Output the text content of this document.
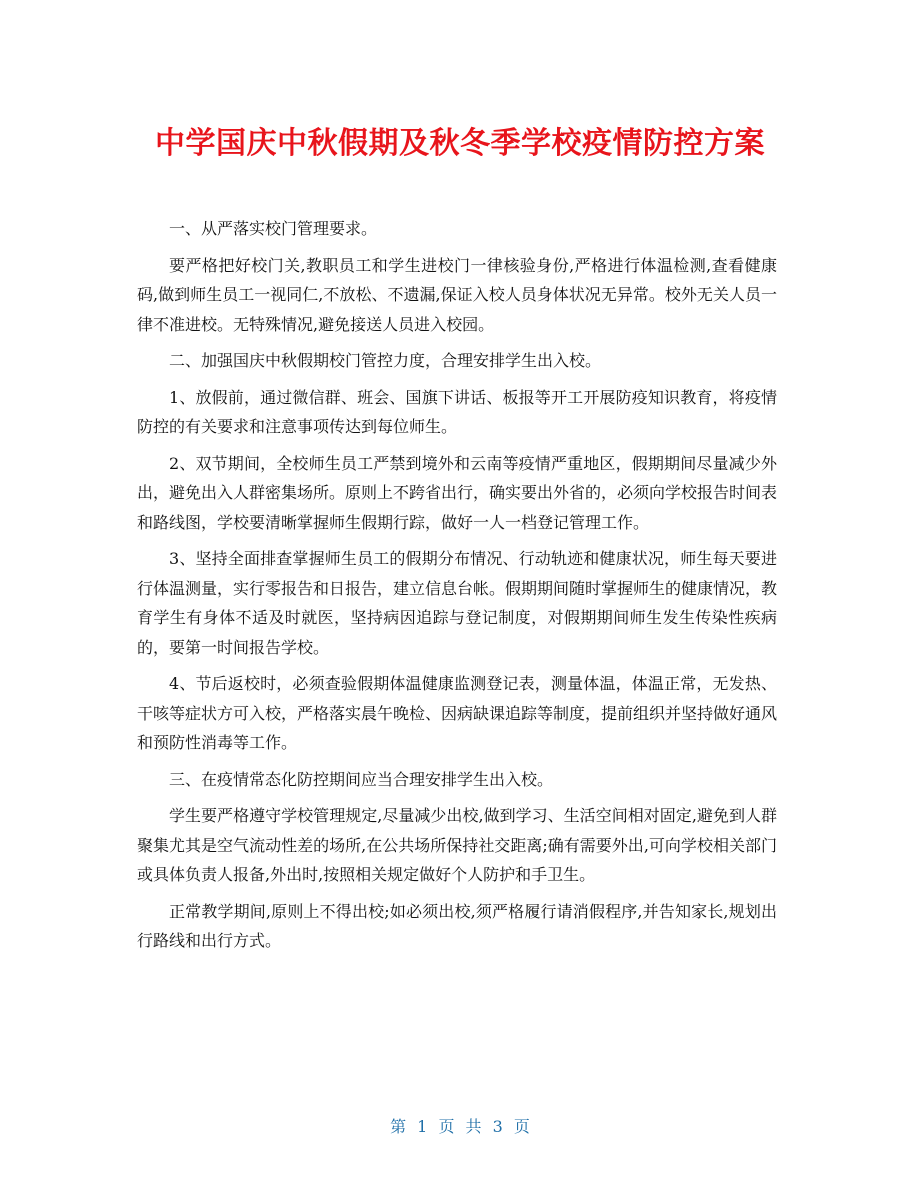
中学国庆中秋假期及秋冬季学校疫情防控方案

一、从严落实校门管理要求。

要严格把好校门关,教职员工和学生进校门一律核验身份,严格进行体温检测,查看健康码,做到师生员工一视同仁,不放松、不遗漏,保证入校人员身体状况无异常。校外无关人员一律不准进校。无特殊情况,避免接送人员进入校园。

二、加强国庆中秋假期校门管控力度，合理安排学生出入校。

1、放假前，通过微信群、班会、国旗下讲话、板报等开工开展防疫知识教育，将疫情防控的有关要求和注意事项传达到每位师生。

2、双节期间，全校师生员工严禁到境外和云南等疫情严重地区，假期期间尽量减少外出，避免出入人群密集场所。原则上不跨省出行，确实要出外省的，必须向学校报告时间表和路线图，学校要清晰掌握师生假期行踪，做好一人一档登记管理工作。

3、坚持全面排查掌握师生员工的假期分布情况、行动轨迹和健康状况，师生每天要进行体温测量，实行零报告和日报告，建立信息台帐。假期期间随时掌握师生的健康情况，教育学生有身体不适及时就医，坚持病因追踪与登记制度，对假期期间师生发生传染性疾病的，要第一时间报告学校。

4、节后返校时，必须查验假期体温健康监测登记表，测量体温，体温正常，无发热、干咳等症状方可入校，严格落实晨午晚检、因病缺课追踪等制度，提前组织并坚持做好通风和预防性消毒等工作。

三、在疫情常态化防控期间应当合理安排学生出入校。

学生要严格遵守学校管理规定,尽量减少出校,做到学习、生活空间相对固定,避免到人群聚集尤其是空气流动性差的场所,在公共场所保持社交距离;确有需要外出,可向学校相关部门或具体负责人报备,外出时,按照相关规定做好个人防护和手卫生。

正常教学期间,原则上不得出校;如必须出校,须严格履行请消假程序,并告知家长,规划出行路线和出行方式。

第 1 页 共 3 页
